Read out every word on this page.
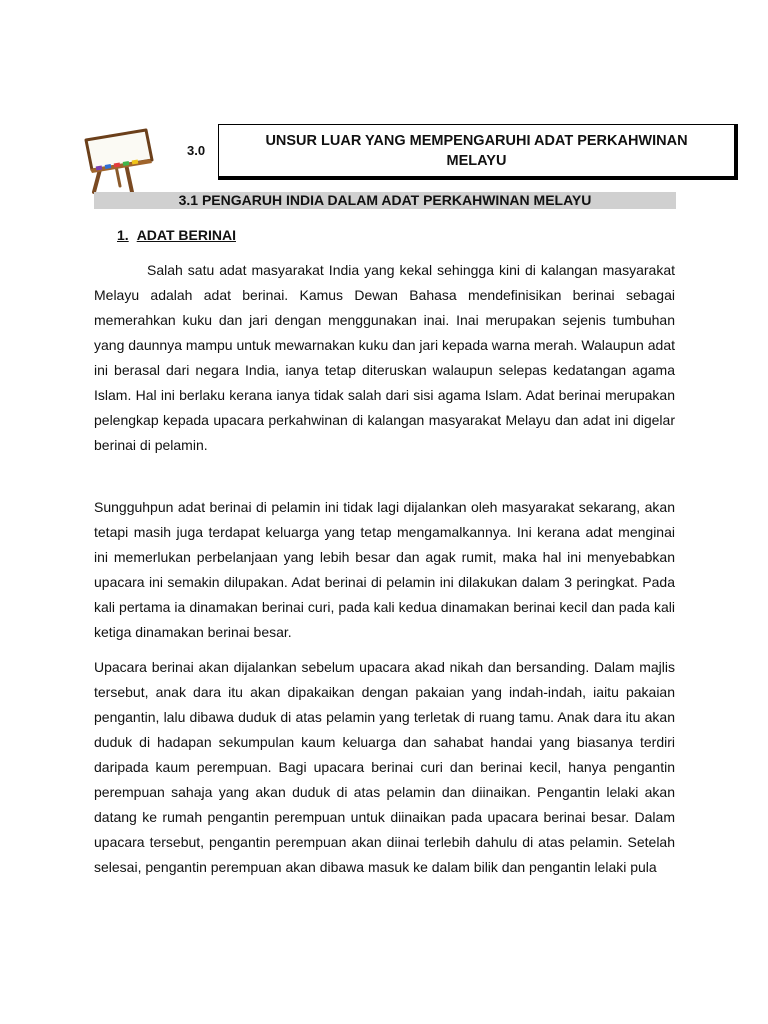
3.0
UNSUR LUAR YANG MEMPENGARUHI ADAT PERKAHWINAN MELAYU
3.1 PENGARUH INDIA DALAM ADAT PERKAHWINAN MELAYU
1. ADAT BERINAI

Salah satu adat masyarakat India yang kekal sehingga kini di kalangan masyarakat Melayu adalah adat berinai. Kamus Dewan Bahasa mendefinisikan berinai sebagai memerahkan kuku dan jari dengan menggunakan inai. Inai merupakan sejenis tumbuhan yang daunnya mampu untuk mewarnakan kuku dan jari kepada warna merah. Walaupun adat ini berasal dari negara India, ianya tetap diteruskan walaupun selepas kedatangan agama Islam. Hal ini berlaku kerana ianya tidak salah dari sisi agama Islam. Adat berinai merupakan pelengkap kepada upacara perkahwinan di kalangan masyarakat Melayu dan adat ini digelar berinai di pelamin.

Sungguhpun adat berinai di pelamin ini tidak lagi dijalankan oleh masyarakat sekarang, akan tetapi masih juga terdapat keluarga yang tetap mengamalkannya. Ini kerana adat menginai ini memerlukan perbelanjaan yang lebih besar dan agak rumit, maka hal ini menyebabkan upacara ini semakin dilupakan. Adat berinai di pelamin ini dilakukan dalam 3 peringkat. Pada kali pertama ia dinamakan berinai curi, pada kali kedua dinamakan berinai kecil dan pada kali ketiga dinamakan berinai besar.

Upacara berinai akan dijalankan sebelum upacara akad nikah dan bersanding. Dalam majlis tersebut, anak dara itu akan dipakaikan dengan pakaian yang indah-indah, iaitu pakaian pengantin, lalu dibawa duduk di atas pelamin yang terletak di ruang tamu. Anak dara itu akan duduk di hadapan sekumpulan kaum keluarga dan sahabat handai yang biasanya terdiri daripada kaum perempuan. Bagi upacara berinai curi dan berinai kecil, hanya pengantin perempuan sahaja yang akan duduk di atas pelamin dan diinaikan. Pengantin lelaki akan datang ke rumah pengantin perempuan untuk diinaikan pada upacara berinai besar. Dalam upacara tersebut, pengantin perempuan akan diinai terlebih dahulu di atas pelamin. Setelah selesai, pengantin perempuan akan dibawa masuk ke dalam bilik dan pengantin lelaki pula
